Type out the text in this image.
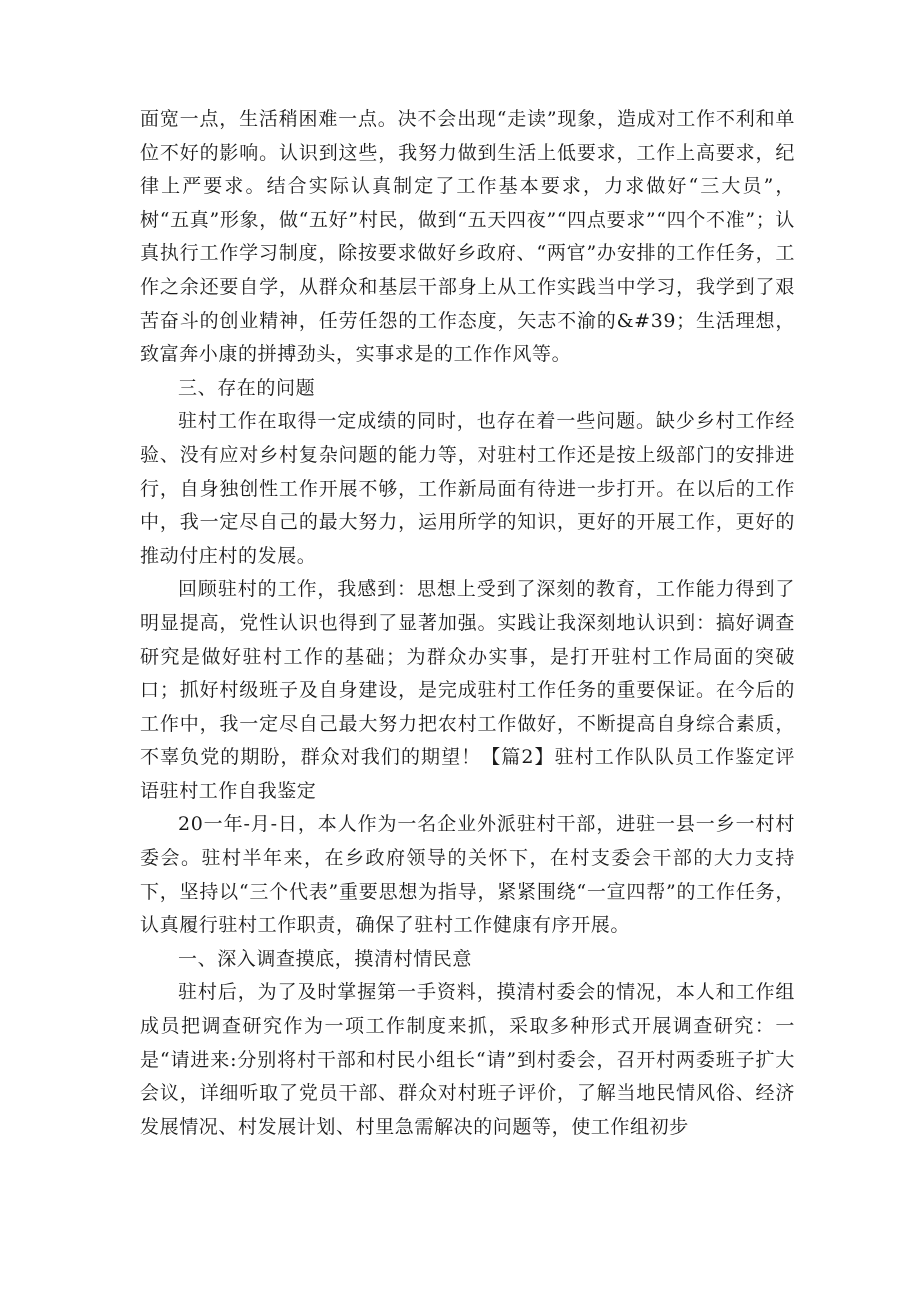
面宽一点，生活稍困难一点。决不会出现“走读”现象，造成对工作不利和单位不好的影响。认识到这些，我努力做到生活上低要求，工作上高要求，纪律上严要求。结合实际认真制定了工作基本要求，力求做好“三大员”，树“五真”形象，做“五好”村民，做到“五天四夜”“四点要求”“四个不准”；认真执行工作学习制度，除按要求做好乡政府、“两官”办安排的工作任务，工作之余还要自学，从群众和基层干部身上从工作实践当中学习，我学到了艰苦奋斗的创业精神，任劳任怨的工作态度，矢志不渝的&#39；生活理想，致富奔小康的拼搏劲头，实事求是的工作作风等。

三、存在的问题

驻村工作在取得一定成绩的同时，也存在着一些问题。缺少乡村工作经验、没有应对乡村复杂问题的能力等，对驻村工作还是按上级部门的安排进行，自身独创性工作开展不够，工作新局面有待进一步打开。在以后的工作中，我一定尽自己的最大努力，运用所学的知识，更好的开展工作，更好的推动付庄村的发展。

回顾驻村的工作，我感到：思想上受到了深刻的教育，工作能力得到了明显提高，党性认识也得到了显著加强。实践让我深刻地认识到：搞好调查研究是做好驻村工作的基础；为群众办实事，是打开驻村工作局面的突破口；抓好村级班子及自身建设，是完成驻村工作任务的重要保证。在今后的工作中，我一定尽自己最大努力把农村工作做好，不断提高自身综合素质，不辜负党的期盼，群众对我们的期望！【篇2】驻村工作队队员工作鉴定评语驻村工作自我鉴定

20一年-月-日，本人作为一名企业外派驻村干部，进驻一县一乡一村村委会。驻村半年来，在乡政府领导的关怀下，在村支委会干部的大力支持下，坚持以“三个代表”重要思想为指导，紧紧围绕“一宣四帮”的工作任务，认真履行驻村工作职责，确保了驻村工作健康有序开展。

一、深入调查摸底，摸清村情民意

驻村后，为了及时掌握第一手资料，摸清村委会的情况，本人和工作组成员把调查研究作为一项工作制度来抓，采取多种形式开展调查研究：一是“请进来:分别将村干部和村民小组长“请”到村委会，召开村两委班子扩大会议，详细听取了党员干部、群众对村班子评价，了解当地民情风俗、经济发展情况、村发展计划、村里急需解决的问题等，使工作组初步
